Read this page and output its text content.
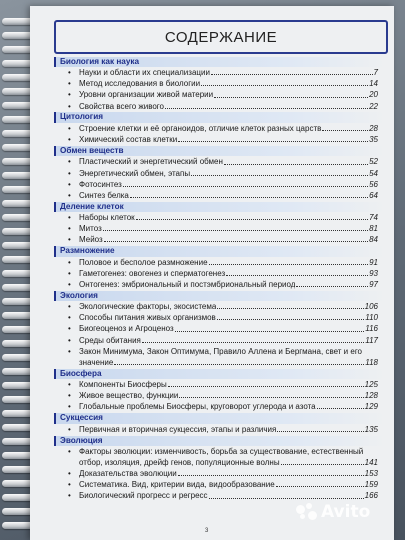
СОДЕРЖАНИЕ
Биология как наука
• Науки и области их специализации	7
• Метод исследования в биологии	14
• Уровни организации живой материи	20
• Свойства всего живого	22
Цитология
• Строение клетки и её органоидов, отличие клеток разных царств	28
• Химический состав клетки	35
Обмен веществ
• Пластический и энергетический обмен	52
• Энергетический обмен, этапы	54
• Фотосинтез	56
• Синтез белка	64
Деление клеток
• Наборы клеток	74
• Митоз	81
• Мейоз	84
Размножение
• Половое и бесполое размножение	91
• Гаметогенез: овогенез и сперматогенез	93
• Онтогенез: эмбриональный и постэмбриональный период	97
Экология
• Экологические факторы, экосистема	106
• Способы питания живых организмов	110
• Биогеоценоз и Агроценоз	116
• Среды обитания	117
• Закон Минимума, Закон Оптимума, Правило Аллена и Бергмана, свет и его
значение	118
Биосфера
• Компоненты Биосферы	125
• Живое вещество, функции	128
• Глобальные проблемы Биосферы, круговорот углерода и азота	129
Сукцессия
• Первичная и вторичная сукцессия, этапы и различия	135
Эволюция
• Факторы эволюции: изменчивость, борьба за существование, естественный
отбор, изоляция, дрейф генов, популяционные волны	141
• Доказательства эволюции	153
• Систематика. Вид, критерии вида, видообразование	159
• Биологический прогресс и регресс	166
3
Avito
